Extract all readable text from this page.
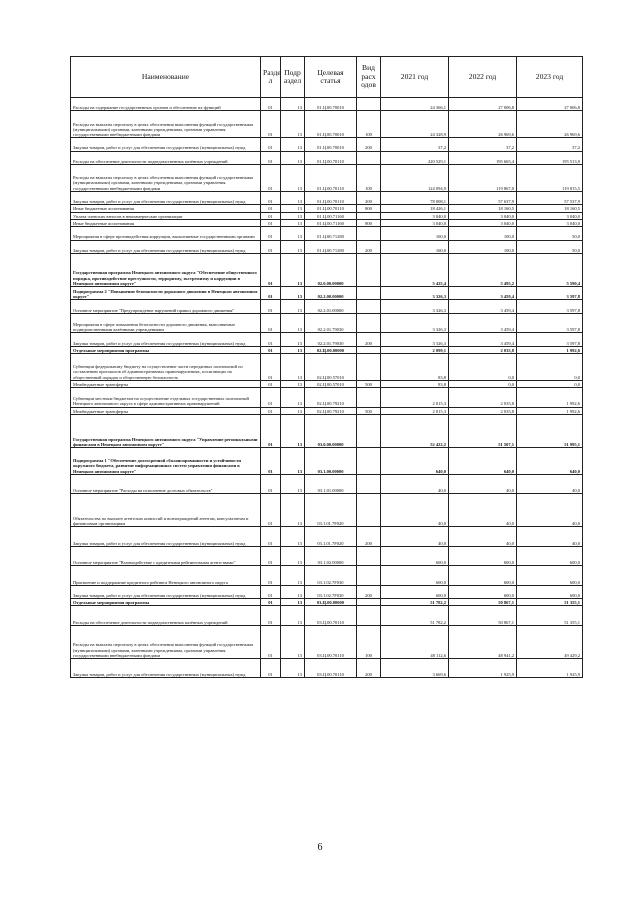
Наименование	Разде л	Подр аздел	Целевая статья	Вид расх одов	2021 год	2022 год	2023 год
Расходы на содержание государственных органов и обеспечение их функций	01	13	01.Ц.00.70010		24 366,1	27 006,8	27 006,8
Расходы на выплаты персоналу в целях обеспечения выполнения функций государственными (муниципальными) органами, казенными учреждениями, органами управления государственными внебюджетными фондами	01	13	01.Ц.00.70010	100	24 328,9	26 969,6	26 969,6
Закупка товаров, работ и услуг для обеспечения государственных (муниципальных) нужд	01	13	01.Ц.00.70010	200	37,2	37,2	37,2
Расходы на обеспечение деятельности подведомственных казённых учреждений	01	13	01.Ц.00.70110		220 529,1	195 665,4	195 513,9
Расходы на выплаты персоналу в целях обеспечения выполнения функций государственными (муниципальными) органами, казенными учреждениями, органами управления государственными внебюджетными фондами	01	13	01.Ц.00.70110	100	124 094,9	119 867,0	119 815,5
Закупка товаров, работ и услуг для обеспечения государственных (муниципальных) нужд	01	13	01.Ц.00.70110	200	78 008,1	57 637,9	57 537,9
Иные бюджетные ассигнования	01	13	01.Ц.00.70110	800	18 426,1	18 160,5	18 160,5
Уплата членских взносов в некоммерческие организации	01	13	01.Ц.00.71160		3 040,0	3 040,0	3 040,0
Иные бюджетные ассигнования	01	13	01.Ц.00.71160	800	3 040,0	3 040,0	3 040,0
Мероприятия в сфере противодействия коррупции, выполняемые государственными органами	01	13	01.Ц.00.71280		160,0	100,0	50,0
Закупка товаров, работ и услуг для обеспечения государственных (муниципальных) нужд	01	13	01.Ц.00.71280	200	160,0	100,0	50,0
Государственная программа Ненецкого автономного округа "Обеспечение общественного порядка, противодействие преступности, терроризму, экстремизму и коррупции в Ненецком автономном округе"	01	13	02.0.00.00000		5 425,4	5 495,2	5 590,4
Подпрограмма 2 "Повышение безопасности дорожного движения в Ненецком автономном округе"	01	13	02.2.00.00000		3 326,3	3 459,4	3 597,8
Основное мероприятие "Предупреждение нарушений правил дорожного движения"	01	13	02.2.01.00000		3 326,3	3 459,4	3 597,8
Мероприятия в сфере повышения безопасности дорожного движения, выполняемые подведомственными казёнными учреждениями	01	13	02.2.01.79030		3 326,3	3 459,4	3 597,8
Закупка товаров, работ и услуг для обеспечения государственных (муниципальных) нужд	01	13	02.2.01.79030	200	3 326,3	3 459,4	3 597,8
Отдельные мероприятия программы	01	13	02.Ц.00.00000		2 099,1	2 035,8	1 992,6
Субвенции федеральному бюджету на осуществление части переданных полномочий по составлению протоколов об административных правонарушениях, посягающих на общественный порядок и общественную безопасность	01	13	02.Ц.00.57010		83,8	0,0	0,0
Межбюджетные трансферты	01	13	02.Ц.00.57010	500	83,8	0,0	0,0
Субвенции местным бюджетам на осуществление отдельных государственных полномочий Ненецкого автономного округа в сфере административных правонарушений	01	13	02.Ц.00.79210		2 015,3	2 035,8	1 992,6
Межбюджетные трансферты	01	13	02.Ц.00.79210	500	2 015,3	2 035,8	1 992,6
Государственная программа Ненецкого автономного округа "Управление региональными финансами в Ненецком автономном округе"	01	13	03.0.00.00000		52 422,2	51 507,1	51 995,1
Подпрограмма 1 "Обеспечение долгосрочной сбалансированности и устойчивости окружного бюджета, развитие информационных систем управления финансами в Ненецком автономном округе"	01	13	03.1.00.00000		640,0	640,0	640,0
Основное мероприятие "Расходы на исполнение долговых обязательств"	01	13	03.1.01.00000		40,0	40,0	40,0
Обязательства по выплате агентских комиссий и вознаграждений агентам, консультантам и финансовым организациям	01	13	03.1.01.7F020		40,0	40,0	40,0
Закупка товаров, работ и услуг для обеспечения государственных (муниципальных) нужд	01	13	03.1.01.7F020	200	40,0	40,0	40,0
Основное мероприятие "Взаимодействие с кредитными рейтинговыми агентствами"	01	13	03.1.02.00000		600,0	600,0	600,0
Присвоение и поддержание кредитного рейтинга Ненецкого автономного округа	01	13	03.1.02.7F030		600,0	600,0	600,0
Закупка товаров, работ и услуг для обеспечения государственных (муниципальных) нужд	01	13	03.1.02.7F030	200	600,0	600,0	600,0
Отдельные мероприятия программы	01	13	03.Ц.00.00000		51 782,2	50 867,1	51 355,1
Расходы на обеспечение деятельности подведомственных казённых учреждений	01	13	03.Ц.00.70110		51 782,2	50 867,1	51 355,1
Расходы на выплаты персоналу в целях обеспечения выполнения функций государственными (муниципальными) органами, казенными учреждениями, органами управления государственными внебюджетными фондами	01	13	03.Ц.00.70110	100	48 112,6	48 941,2	49 429,2
Закупка товаров, работ и услуг для обеспечения государственных (муниципальных) нужд	01	13	03.Ц.00.70110	200	3 669,6	1 925,9	1 925,9
6
